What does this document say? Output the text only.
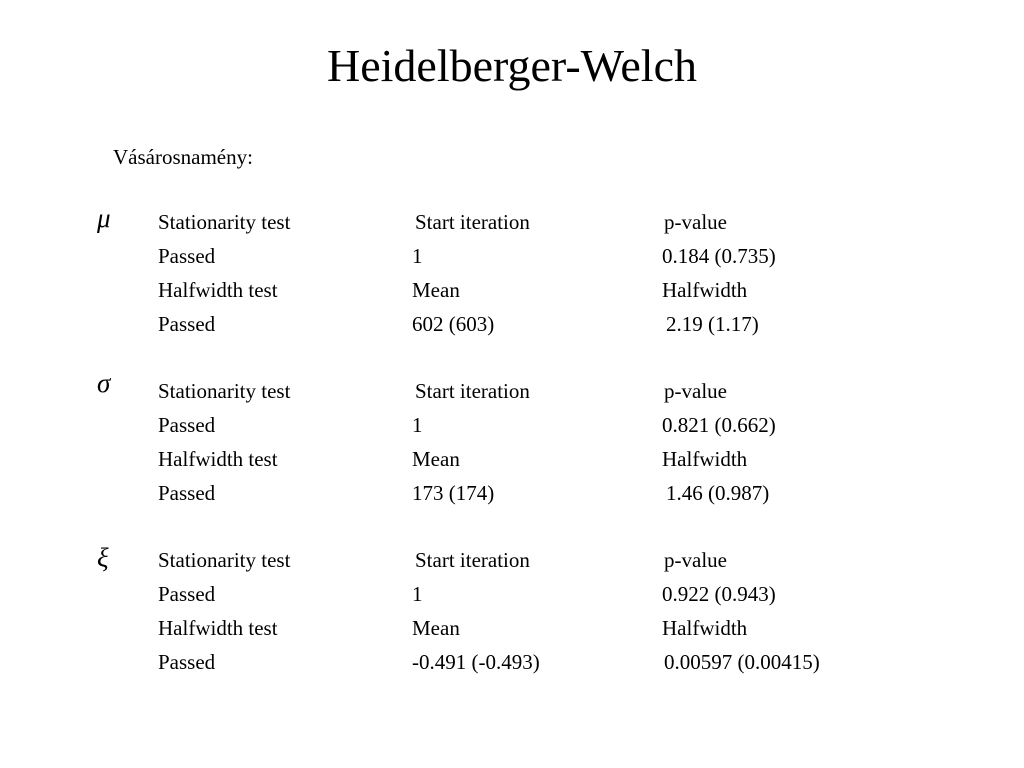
Heidelberger-Welch
Vásárosnamény:
μ Stationarity test	Start iteration	p-value
Passed	1	0.184 (0.735)
Halfwidth test	Mean	Halfwidth
Passed	602 (603)	2.19 (1.17)
σ Stationarity test	Start iteration	p-value
Passed	1	0.821 (0.662)
Halfwidth test	Mean	Halfwidth
Passed	173 (174)	1.46 (0.987)
ξ Stationarity test	Start iteration	p-value
Passed	1	0.922 (0.943)
Halfwidth test	Mean	Halfwidth
Passed	-0.491 (-0.493)	0.00597 (0.00415)
